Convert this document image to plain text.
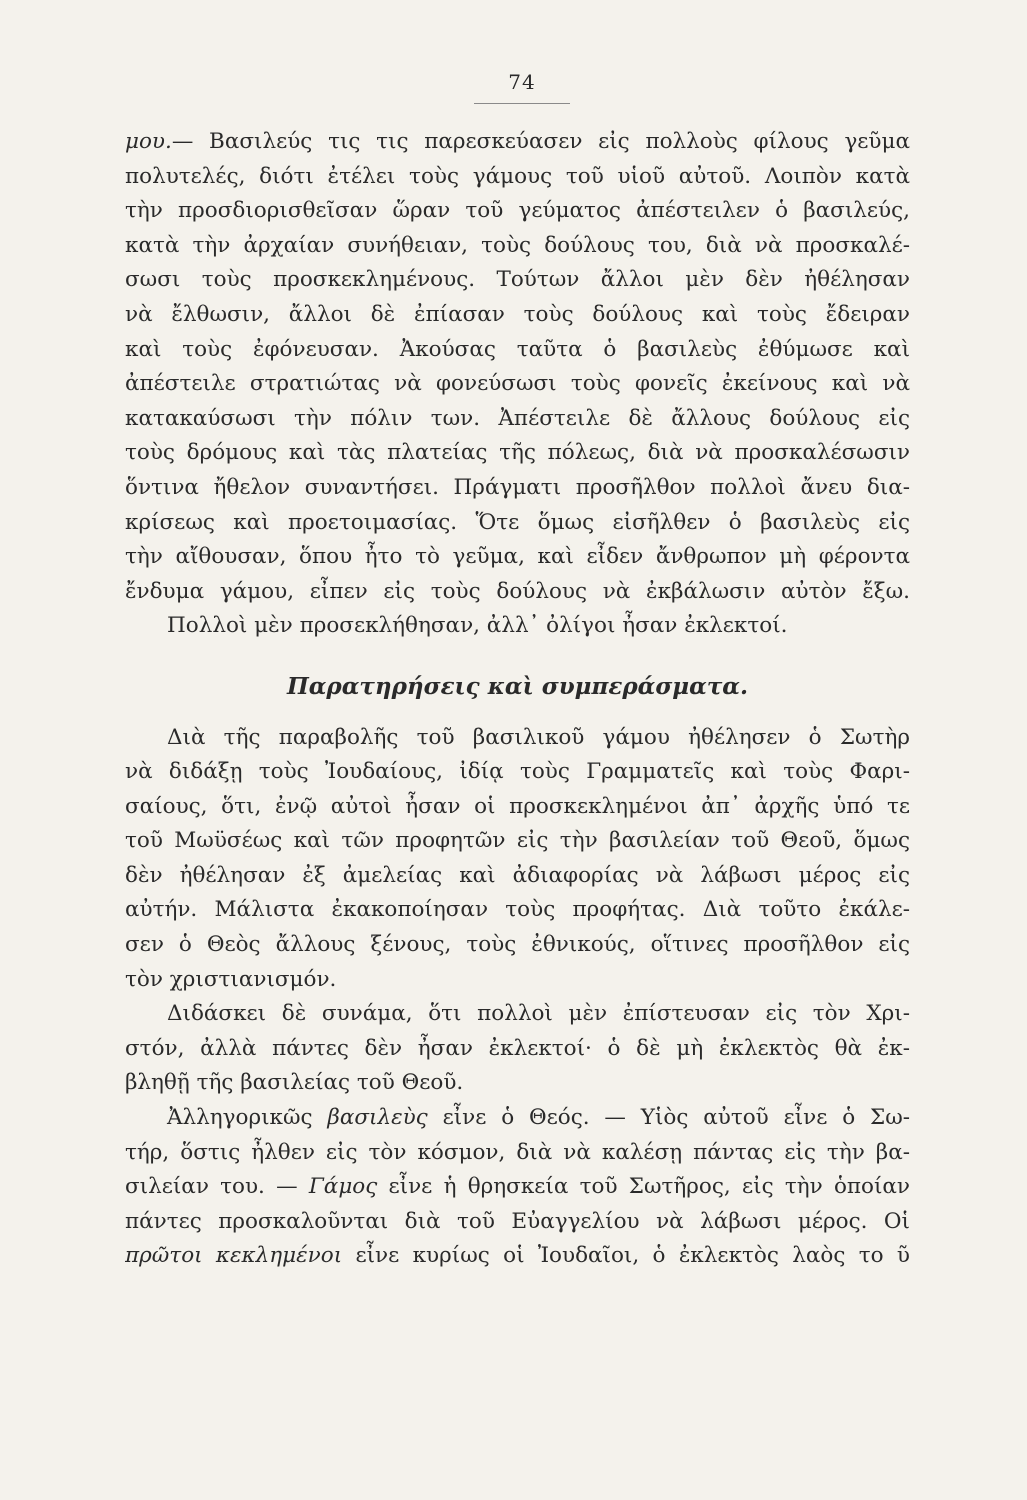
74
μου.— Βασιλεύς τις τις παρεσκεύασεν εἰς πολλοὺς φίλους γεῦμα
πολυτελές, διότι ἐτέλει τοὺς γάμους τοῦ υἱοῦ αὐτοῦ. Λοιπὸν κατὰ
τὴν προσδιορισθεῖσαν ὥραν τοῦ γεύματος ἀπέστειλεν ὁ βασιλεύς,
κατὰ τὴν ἀρχαίαν συνήθειαν, τοὺς δούλους του, διὰ νὰ προσκαλέ-
σωσι τοὺς προσκεκλημένους. Τούτων ἄλλοι μὲν δὲν ἠθέλησαν
νὰ ἔλθωσιν, ἄλλοι δὲ ἐπίασαν τοὺς δούλους καὶ τοὺς ἔδειραν
καὶ τοὺς ἐφόνευσαν. Ἀκούσας ταῦτα ὁ βασιλεὺς ἐθύμωσε καὶ
ἀπέστειλε στρατιώτας νὰ φονεύσωσι τοὺς φονεῖς ἐκείνους καὶ νὰ
κατακαύσωσι τὴν πόλιν των. Ἀπέστειλε δὲ ἄλλους δούλους εἰς
τοὺς δρόμους καὶ τὰς πλατείας τῆς πόλεως, διὰ νὰ προσκαλέσωσιν
ὅντινα ἤθελον συναντήσει. Πράγματι προσῆλθον πολλοὶ ἄνευ δια-
κρίσεως καὶ προετοιμασίας. Ὅτε ὅμως εἰσῆλθεν ὁ βασιλεὺς εἰς
τὴν αἴθουσαν, ὅπου ἦτο τὸ γεῦμα, καὶ εἶδεν ἄνθρωπον μὴ φέροντα
ἔνδυμα γάμου, εἶπεν εἰς τοὺς δούλους νὰ ἐκβάλωσιν αὐτὸν ἔξω.
Πολλοὶ μὲν προσεκλήθησαν, ἀλλ᾽ ὀλίγοι ἦσαν ἐκλεκτοί.
Παρατηρήσεις καὶ συμπεράσματα.
Διὰ τῆς παραβολῆς τοῦ βασιλικοῦ γάμου ἠθέλησεν ὁ Σωτὴρ
νὰ διδάξῃ τοὺς Ἰουδαίους, ἰδίᾳ τοὺς Γραμματεῖς καὶ τοὺς Φαρι-
σαίους, ὅτι, ἐνῷ αὐτοὶ ἦσαν οἱ προσκεκλημένοι ἀπ᾽ ἀρχῆς ὑπό τε
τοῦ Μωϋσέως καὶ τῶν προφητῶν εἰς τὴν βασιλείαν τοῦ Θεοῦ, ὅμως
δὲν ἠθέλησαν ἐξ ἀμελείας καὶ ἀδιαφορίας νὰ λάβωσι μέρος εἰς
αὐτήν. Μάλιστα ἐκακοποίησαν τοὺς προφήτας. Διὰ τοῦτο ἐκάλε-
σεν ὁ Θεὸς ἄλλους ξένους, τοὺς ἐθνικούς, οἵτινες προσῆλθον εἰς
τὸν χριστιανισμόν.
Διδάσκει δὲ συνάμα, ὅτι πολλοὶ μὲν ἐπίστευσαν εἰς τὸν Χρι-
στόν, ἀλλὰ πάντες δὲν ἦσαν ἐκλεκτοί· ὁ δὲ μὴ ἐκλεκτὸς θὰ ἐκ-
βληθῇ τῆς βασιλείας τοῦ Θεοῦ.
Ἀλληγορικῶς βασιλεὺς εἶνε ὁ Θεός. — Υἱὸς αὐτοῦ εἶνε ὁ Σω-
τήρ, ὅστις ἦλθεν εἰς τὸν κόσμον, διὰ νὰ καλέσῃ πάντας εἰς τὴν βα-
σιλείαν του. — Γάμος εἶνε ἡ θρησκεία τοῦ Σωτῆρος, εἰς τὴν ὁποίαν
πάντες προσκαλοῦνται διὰ τοῦ Εὐαγγελίου νὰ λάβωσι μέρος. Οἱ
πρῶτοι κεκλημένοι εἶνε κυρίως οἱ Ἰουδαῖοι, ὁ ἐκλεκτὸς λαὸς το ῦ
